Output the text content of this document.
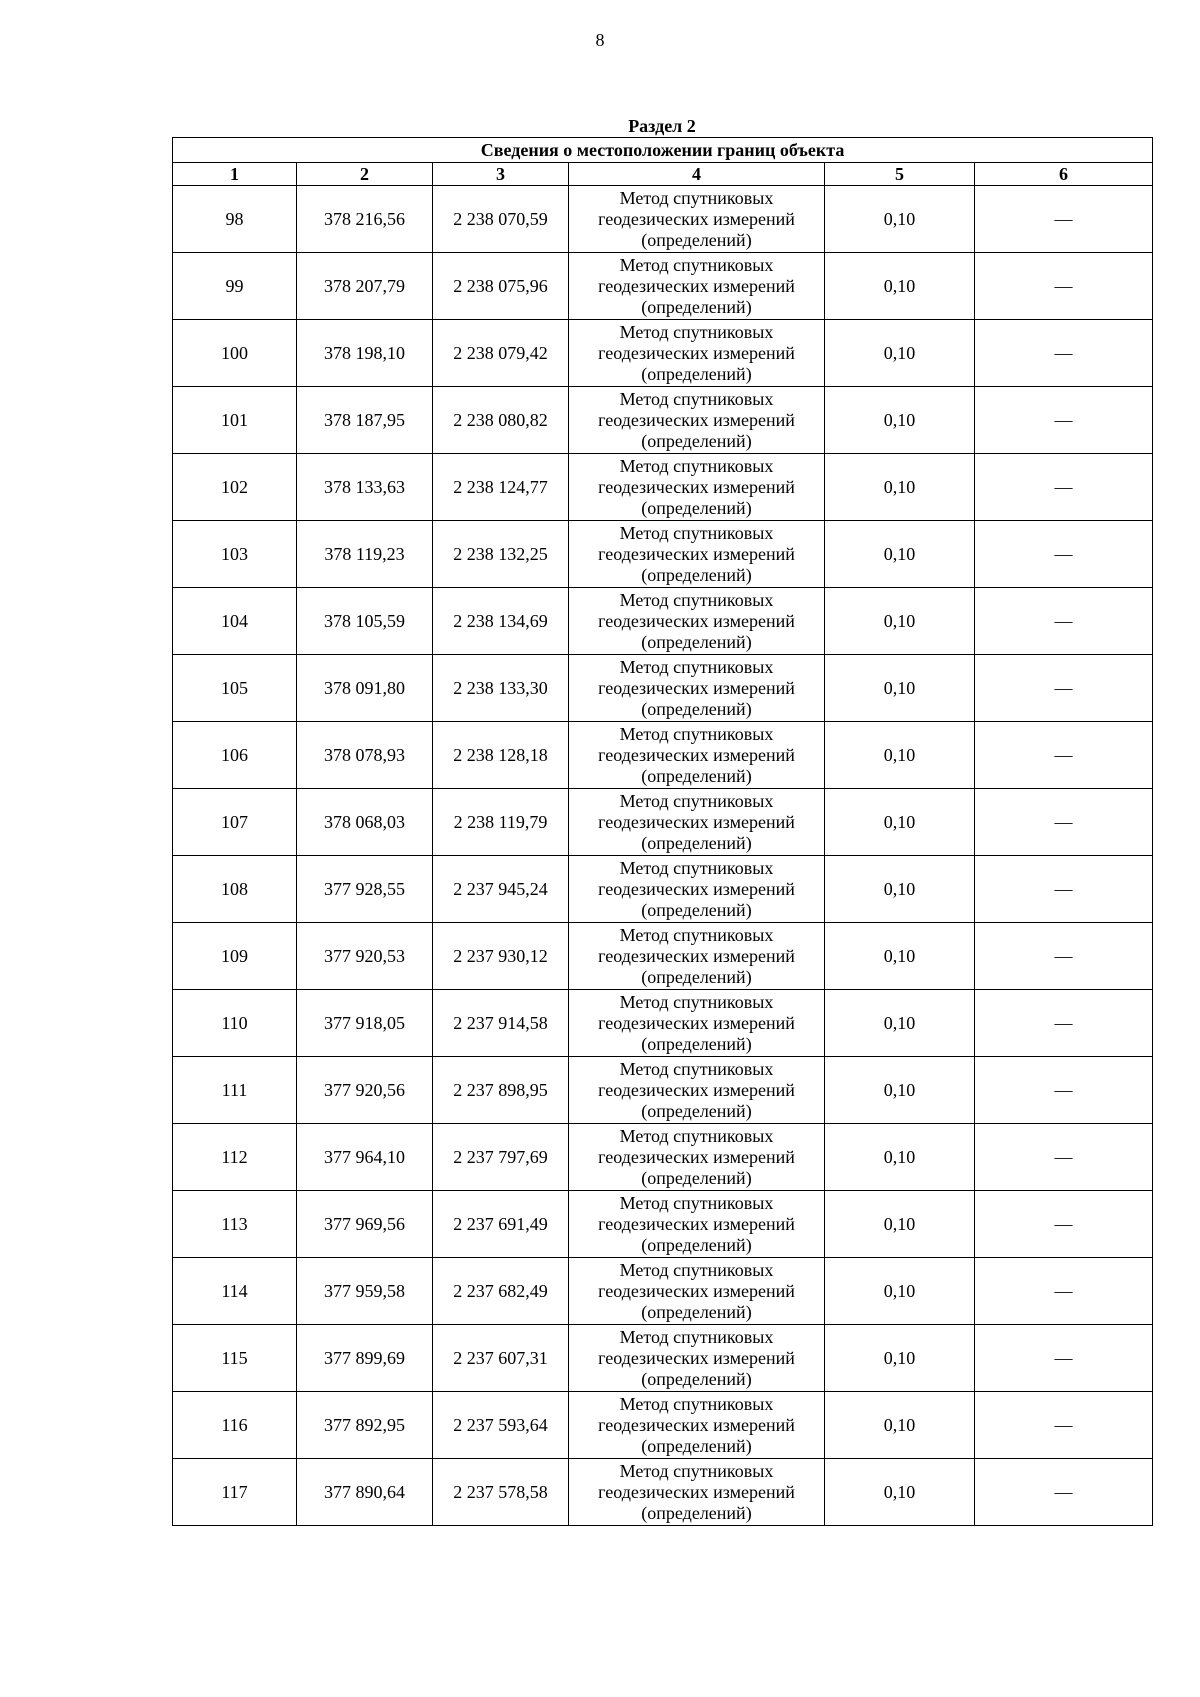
8
Раздел 2
Сведения о местоположении границ объекта					
1	2	3	4	5	6
98	378 216,56	2 238 070,59	Метод спутниковых геодезических измерений (определений)	0,10	—
99	378 207,79	2 238 075,96	Метод спутниковых геодезических измерений (определений)	0,10	—
100	378 198,10	2 238 079,42	Метод спутниковых геодезических измерений (определений)	0,10	—
101	378 187,95	2 238 080,82	Метод спутниковых геодезических измерений (определений)	0,10	—
102	378 133,63	2 238 124,77	Метод спутниковых геодезических измерений (определений)	0,10	—
103	378 119,23	2 238 132,25	Метод спутниковых геодезических измерений (определений)	0,10	—
104	378 105,59	2 238 134,69	Метод спутниковых геодезических измерений (определений)	0,10	—
105	378 091,80	2 238 133,30	Метод спутниковых геодезических измерений (определений)	0,10	—
106	378 078,93	2 238 128,18	Метод спутниковых геодезических измерений (определений)	0,10	—
107	378 068,03	2 238 119,79	Метод спутниковых геодезических измерений (определений)	0,10	—
108	377 928,55	2 237 945,24	Метод спутниковых геодезических измерений (определений)	0,10	—
109	377 920,53	2 237 930,12	Метод спутниковых геодезических измерений (определений)	0,10	—
110	377 918,05	2 237 914,58	Метод спутниковых геодезических измерений (определений)	0,10	—
111	377 920,56	2 237 898,95	Метод спутниковых геодезических измерений (определений)	0,10	—
112	377 964,10	2 237 797,69	Метод спутниковых геодезических измерений (определений)	0,10	—
113	377 969,56	2 237 691,49	Метод спутниковых геодезических измерений (определений)	0,10	—
114	377 959,58	2 237 682,49	Метод спутниковых геодезических измерений (определений)	0,10	—
115	377 899,69	2 237 607,31	Метод спутниковых геодезических измерений (определений)	0,10	—
116	377 892,95	2 237 593,64	Метод спутниковых геодезических измерений (определений)	0,10	—
117	377 890,64	2 237 578,58	Метод спутниковых геодезических измерений (определений)	0,10	—
